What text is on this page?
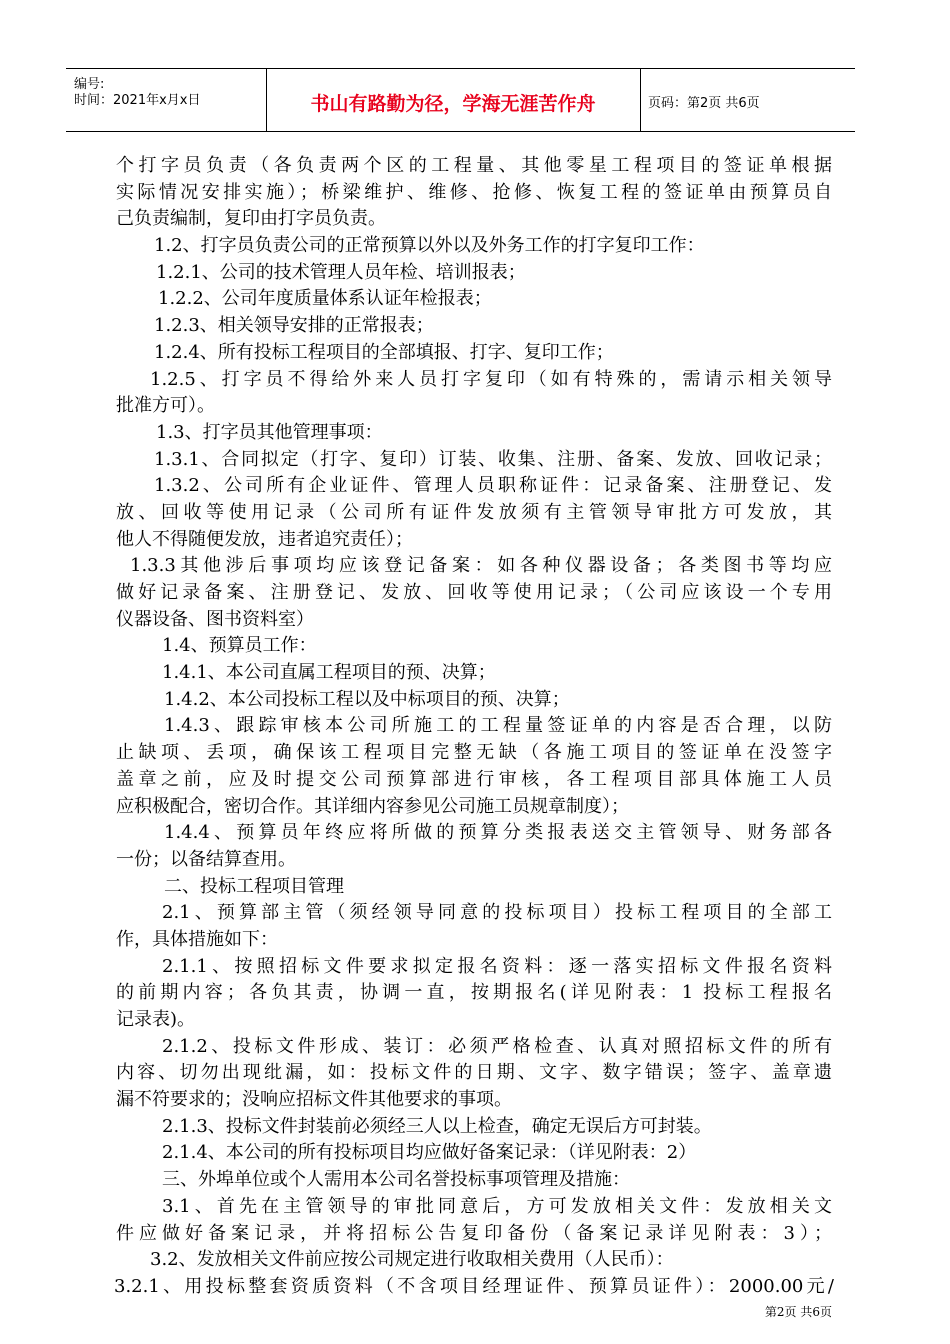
编号:
时间：2021年x月x日	书山有路勤为径，学海无涯苦作舟	页码：第2页 共6页
个打字员负责（各负责两个区的工程量、其他零星工程项目的签证单根据
实际情况安排实施）；桥梁维护、维修、抢修、恢复工程的签证单由预算员自
己负责编制，复印由打字员负责。
1.2、打字员负责公司的正常预算以外以及外务工作的打字复印工作：
1.2.1、公司的技术管理人员年检、培训报表；
1.2.2、公司年度质量体系认证年检报表；
1.2.3、相关领导安排的正常报表；
1.2.4、所有投标工程项目的全部填报、打字、复印工作；
1.2.5、打字员不得给外来人员打字复印（如有特殊的，需请示相关领导
批准方可）。
1.3、打字员其他管理事项：
1.3.1、合同拟定（打字、复印）订装、收集、注册、备案、发放、回收记录；
1.3.2、公司所有企业证件、管理人员职称证件：记录备案、注册登记、发
放、回收等使用记录（公司所有证件发放须有主管领导审批方可发放，其
他人不得随便发放，违者追究责任）；
1.3.3其他涉后事项均应该登记备案：如各种仪器设备；各类图书等均应
做好记录备案、注册登记、发放、回收等使用记录；（公司应该设一个专用
仪器设备、图书资料室）
1.4、预算员工作：
1.4.1、本公司直属工程项目的预、决算；
1.4.2、本公司投标工程以及中标项目的预、决算；
1.4.3、跟踪审核本公司所施工的工程量签证单的内容是否合理，以防
止缺项、丢项，确保该工程项目完整无缺（各施工项目的签证单在没签字
盖章之前，应及时提交公司预算部进行审核，各工程项目部具体施工人员
应积极配合，密切合作。其详细内容参见公司施工员规章制度）；
1.4.4、预算员年终应将所做的预算分类报表送交主管领导、财务部各
一份；以备结算查用。
二、投标工程项目管理
2.1、预算部主管（须经领导同意的投标项目）投标工程项目的全部工
作，具体措施如下：
2.1.1、按照招标文件要求拟定报名资料：逐一落实招标文件报名资料
的前期内容；各负其责，协调一直，按期报名(详见附表：1 投标工程报名
记录表)。
2.1.2、投标文件形成、装订：必须严格检查、认真对照招标文件的所有
内容、切勿出现纰漏，如：投标文件的日期、文字、数字错误；签字、盖章遗
漏不符要求的；没响应招标文件其他要求的事项。
2.1.3、投标文件封装前必须经三人以上检查，确定无误后方可封装。
2.1.4、本公司的所有投标项目均应做好备案记录：（详见附表：2）
三、外埠单位或个人需用本公司名誉投标事项管理及措施：
3.1、首先在主管领导的审批同意后，方可发放相关文件：发放相关文
件应做好备案记录，并将招标公告复印备份（备案记录详见附表：3）；
3.2、发放相关文件前应按公司规定进行收取相关费用（人民币）：
3.2.1、用投标整套资质资料（不含项目经理证件、预算员证件）：2000.00元/
第2页 共6页
